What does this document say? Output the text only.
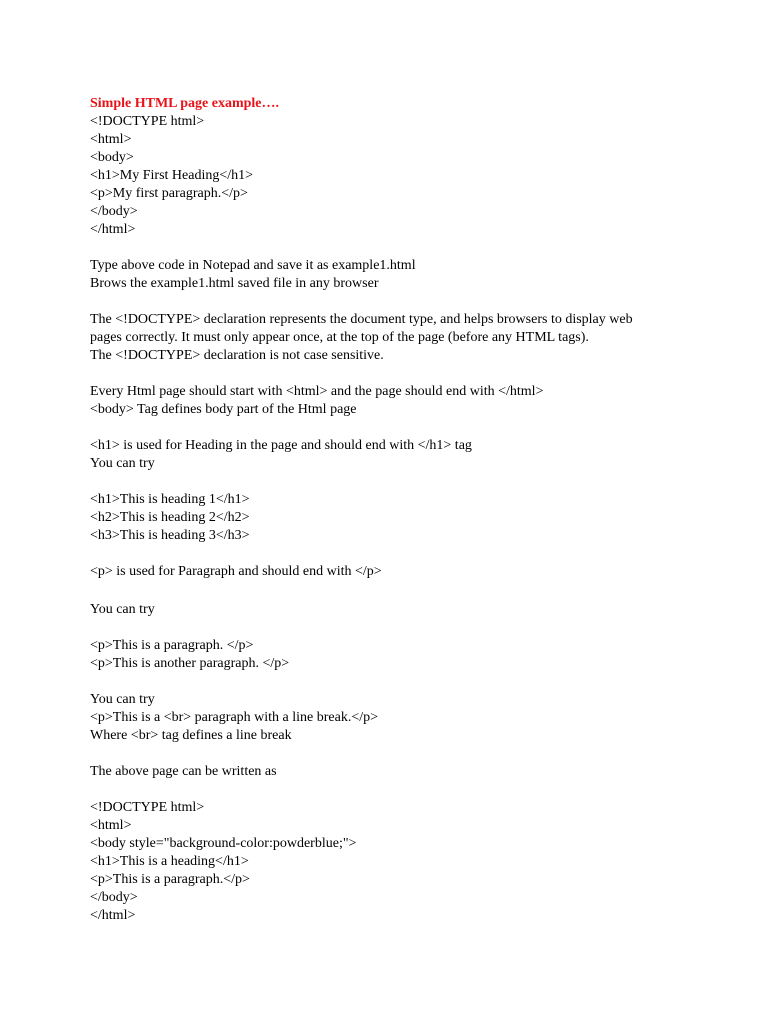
Simple HTML page example….
<!DOCTYPE html>
<html>
<body>
<h1>My First Heading</h1>
<p>My first paragraph.</p>
</body>
</html>
Type above code in Notepad and save it as example1.html
Brows the example1.html saved file in any browser
The <!DOCTYPE> declaration represents the document type, and helps browsers to display web
pages correctly. It must only appear once, at the top of the page (before any HTML tags).
The <!DOCTYPE> declaration is not case sensitive.
Every Html page should start with <html> and the page should end with </html>
<body> Tag defines body part of the Html page
<h1> is used for Heading in the page and should end with </h1> tag
You can try
<h1>This is heading 1</h1>
<h2>This is heading 2</h2>
<h3>This is heading 3</h3>
<p> is used for Paragraph and should end with </p>
You can try
<p>This is a paragraph. </p>
<p>This is another paragraph. </p>
You can try
<p>This is a <br> paragraph with a line break.</p>
Where <br> tag defines a line break
The above page can be written as
<!DOCTYPE html>
<html>
<body style="background-color:powderblue;">
<h1>This is a heading</h1>
<p>This is a paragraph.</p>
</body>
</html>
